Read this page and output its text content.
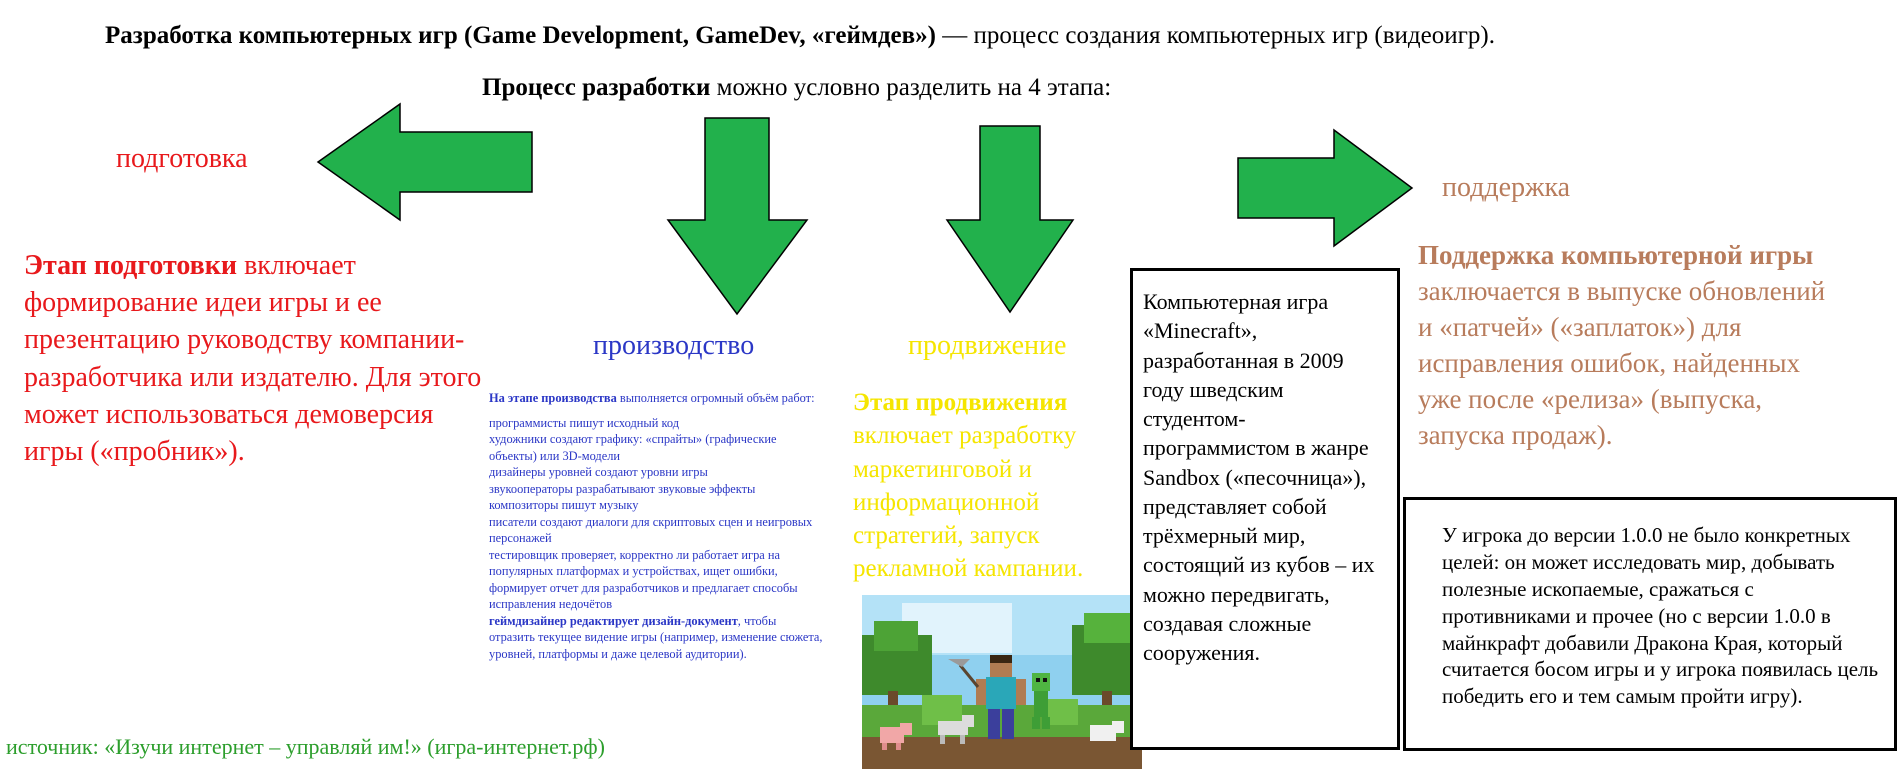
Разработка компьютерных игр (Game Development, GameDev, «геймдев») — процесс создания компьютерных игр (видеоигр).
Процесс разработки можно условно разделить на 4 этапа:
подготовка
производство	продвижение
поддержка
Этап подготовки включает формирование идеи игры и ее презентацию руководству компании-разработчика или издателю. Для этого может использоваться демоверсия игры («пробник»).

На этапе производства выполняется огромный объём работ:

программисты пишут исходный код
художники создают графику: «спрайты» (графические объекты) или 3D-модели
дизайнеры уровней создают уровни игры
звукооператоры разрабатывают звуковые эффекты
композиторы пишут музыку
писатели создают диалоги для скриптовых сцен и неигровых персонажей
тестировщик проверяет, корректно ли работает игра на популярных платформах и устройствах, ищет ошибки, формирует отчет для разработчиков и предлагает способы исправления недочётов
геймдизайнер редактирует дизайн-документ, чтобы отразить текущее видение игры (например, изменение сюжета, уровней, платформы и даже целевой аудитории).
Этап продвижения включает разработку маркетинговой и информационной стратегий, запуск рекламной кампании.
Компьютерная игра «Minecraft», разработанная в 2009 году шведским студентом-программистом в жанре Sandbox («песочница»), представляет собой трёхмерный мир, состоящий из кубов – их можно передвигать, создавая сложные сооружения.
Поддержка компьютерной игры заключается в выпуске обновлений и «патчей» («заплаток») для исправления ошибок, найденных уже после «релиза» (выпуска, запуска продаж).
У игрока до версии 1.0.0 не было конкретных целей: он может исследовать мир, добывать полезные ископаемые, сражаться с противниками и прочее (но с версии 1.0.0 в майнкрафт добавили Дракона Края, который считается босом игры и у игрока появилась цель победить его и тем самым пройти игру).
источник: «Изучи интернет – управляй им!» (игра-интернет.рф)
